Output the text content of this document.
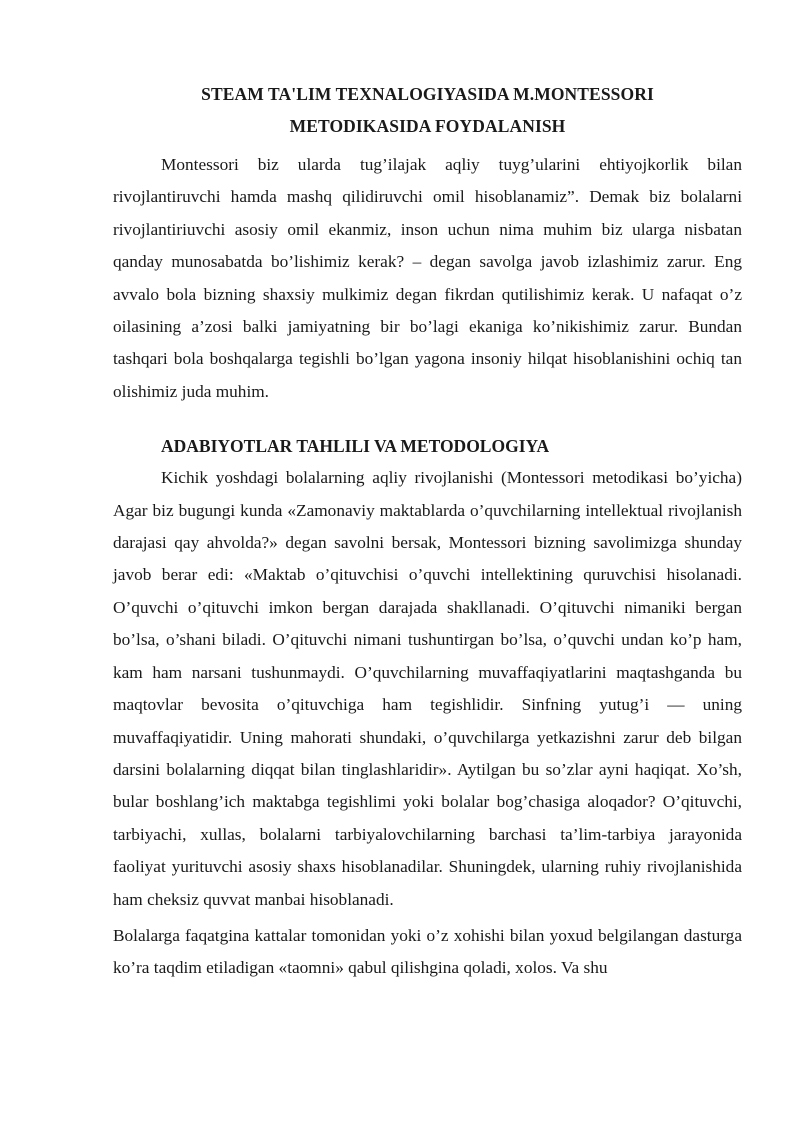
STEAM TA'LIM TEXNALOGIYASIDA M.MONTESSORI
METODIKASIDA FOYDALANISH

Montessori biz ularda tug’ilajak aqliy tuyg’ularini ehtiyojkorlik bilan rivojlantiruvchi hamda mashq qilidiruvchi omil hisoblanamiz”. Demak biz bolalarni rivojlantiriuvchi asosiy omil ekanmiz, inson uchun nima muhim biz ularga nisbatan qanday munosabatda bo’lishimiz kerak? – degan savolga javob izlashimiz zarur. Eng avvalo bola bizning shaxsiy mulkimiz degan fikrdan qutilishimiz kerak. U nafaqat o’z oilasining a’zosi balki jamiyatning bir bo’lagi ekaniga ko’nikishimiz zarur. Bundan tashqari bola boshqalarga tegishli bo’lgan yagona insoniy hilqat hisoblanishini ochiq tan olishimiz juda muhim.

ADABIYOTLAR TAHLILI VA METODOLOGIYA

Kichik yoshdagi bolalarning aqliy rivojlanishi (Montessori metodikasi bo’yicha) Agar biz bugungi kunda «Zamonaviy maktablarda o’quvchilarning intellektual rivojlanish darajasi qay ahvolda?» degan savolni bersak, Montessori bizning savolimizga shunday javob berar edi: «Maktab o’qituvchisi o’quvchi intellektining quruvchisi hisolanadi. O’quvchi o’qituvchi imkon bergan darajada shakllanadi. O’qituvchi nimaniki bergan bo’lsa, o’shani biladi. O’qituvchi nimani tushuntirgan bo’lsa, o’quvchi undan ko’p ham, kam ham narsani tushunmaydi. O’quvchilarning muvaffaqiyatlarini maqtashganda bu maqtovlar bevosita o’qituvchiga ham tegishlidir. Sinfning yutug’i — uning muvaffaqiyatidir. Uning mahorati shundaki, o’quvchilarga yetkazishni zarur deb bilgan darsini bolalarning diqqat bilan tinglashlaridir». Aytilgan bu so’zlar ayni haqiqat. Xo’sh, bular boshlang’ich maktabga tegishlimi yoki bolalar bog’chasiga aloqador? O’qituvchi, tarbiyachi, xullas, bolalarni tarbiyalovchilarning barchasi ta’lim-tarbiya jarayonida faoliyat yurituvchi asosiy shaxs hisoblanadilar. Shuningdek, ularning ruhiy rivojlanishida ham cheksiz quvvat manbai hisoblanadi.

Bolalarga faqatgina kattalar tomonidan yoki o’z xohishi bilan yoxud belgilangan dasturga ko’ra taqdim etiladigan «taomni» qabul qilishgina qoladi, xolos. Va shu
